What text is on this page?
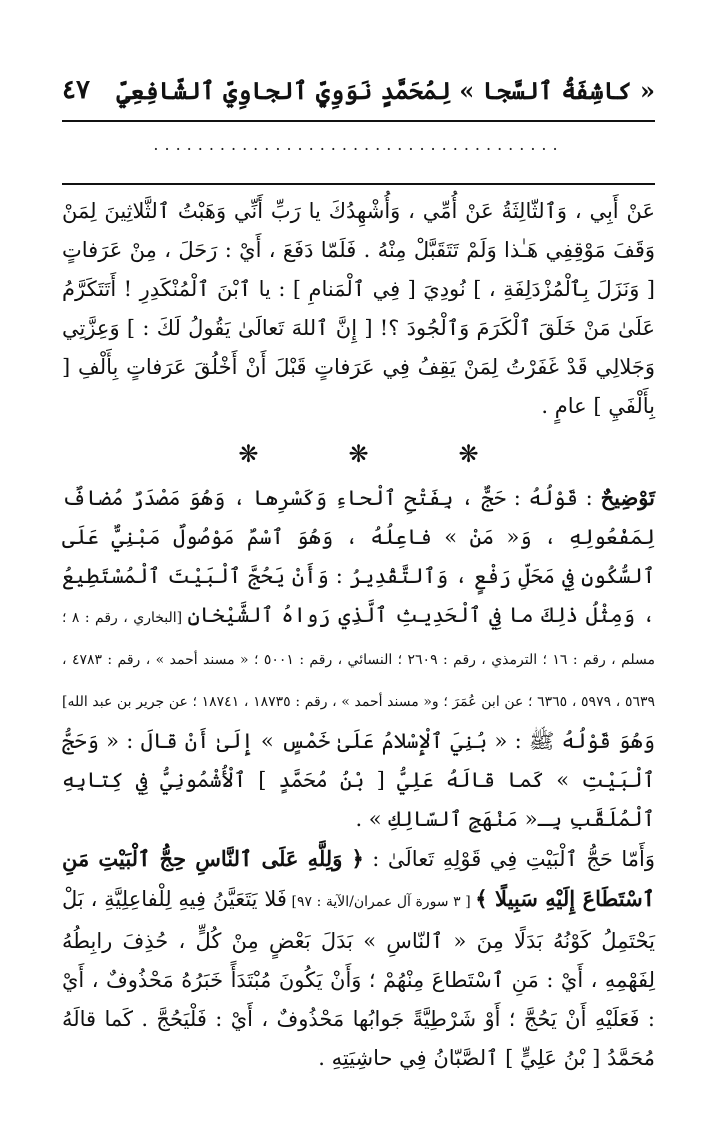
٤٧ « كاشِفَةُ ٱلسَّجا » لِمُحَمَّدٍ نَوَوِيٍّ ٱلجاوِيِّ ٱلشّافِعِيِّ
.....................................

عَنْ أَبِي ، وَٱلثّالِثَةُ عَنْ أُمِّي ، وَأُشْهِدُكَ يا رَبِّ أَنِّي وَهَبْتُ ٱلثَّلاثِينَ لِمَنْ وَقَفَ مَوْقِفِي هَـٰذا وَلَمْ تَتَقَبَّلْ مِنْهُ . فَلَمّا دَفَعَ ، أَيْ : رَحَلَ ، مِنْ عَرَفاتٍ [ وَنَزَلَ بِٱلْمُزْدَلِفَةِ ، ] نُودِيَ [ فِي ٱلْمَنامِ ] : يا ٱبْنَ ٱلْمُنْكَدِرِ ! أَتَتَكَرَّمُ عَلَىٰ مَنْ خَلَقَ ٱلْكَرَمَ وَٱلْجُودَ ؟! [ إِنَّ ٱللهَ تَعالَىٰ يَقُولُ لَكَ : ] وَعِزَّتِي وَجَلالِي قَدْ غَفَرْتُ لِمَنْ يَقِفُ فِي عَرَفاتٍ قَبْلَ أَنْ أَخْلُقَ عَرَفاتٍ بِأَلْفِ [ بِأَلْفَيِ ] عامٍ .

❋	❋	❋

تَوْضِيحٌ : قَوْلُهُ : حَجٌّ ، بِفَتْحِ ٱلْحاءِ وَكَسْرِها ، وَهُوَ مَصْدَرٌ مُضافٌ لِمَفْعُولِهِ ، وَ« مَنْ » فاعِلُهُ ، وَهُوَ ٱسْمٌ مَوْصُولٌ مَبْنِيٌّ عَلَى ٱلسُّكُونِ فِي مَحَلِّ رَفْعٍ ، وَٱلتَّقْدِيرُ : وَأَنْ يَحُجَّ ٱلْبَيْتَ ٱلْمُسْتَطِيعُ ، وَمِثْلُ ذٰلِكَ ما فِي ٱلْحَدِيثِ ٱلَّذِي رَواهُ ٱلشَّيْخانِ [البخاري ، رقم : ٨ ؛ مسلم ، رقم : ١٦ ؛ الترمذي ، رقم : ٢٦٠٩ ؛ النسائي ، رقم : ٥٠٠١ ؛ « مسند أحمد » ، رقم : ٤٧٨٣ ، ٥٦٣٩ ، ٥٩٧٩ ، ٦٣٦٥ ؛ عن ابن عُمَرَ ؛ و« مسند أحمد » ، رقم : ١٨٧٣٥ ، ١٨٧٤١ ؛ عن جرير بن عبد الله] وَهُوَ قَوْلُهُ ﷺ : « بُنِيَ ٱلْإِسْلامُ عَلَىٰ خَمْسٍ » إِلَىٰ أَنْ قالَ : « وَحَجُّ ٱلْبَيْتِ » كَما قالَهُ عَلِيُّ [ بْنُ مُحَمَّدٍ ] ٱلْأُشْمُونِيُّ فِي كِتابِهِ ٱلْمُلَقَّبِ بِـ« مَنْهَجِ ٱلسّالِكِ » .

وَأَمّا حَجُّ ٱلْبَيْتِ فِي قَوْلِهِ تَعالَىٰ : ﴿ وَلِلَّهِ عَلَى ٱلنَّاسِ حِجُّ ٱلْبَيْتِ مَنِ ٱسْتَطَاعَ إِلَيْهِ سَبِيلًا ﴾ [ ٣ سورة آل عمران/الآية : ٩٧] فَلا يَتَعَيَّنُ فِيهِ لِلْفاعِلِيَّةِ ، بَلْ يَحْتَمِلُ كَوْنُهُ بَدَلًا مِنَ « ٱلنّاسِ » بَدَلَ بَعْضٍ مِنْ كُلٍّ ، حُذِفَ رابِطُهُ لِفَهْمِهِ ، أَيْ : مَنِ ٱسْتَطاعَ مِنْهُمْ ؛ وَأَنْ يَكُونَ مُبْتَدَأً خَبَرُهُ مَحْذُوفٌ ، أَيْ : فَعَلَيْهِ أَنْ يَحُجَّ ؛ أَوْ شَرْطِيَّةً جَوابُها مَحْذُوفٌ ، أَيْ : فَلْيَحُجَّ . كَما قالَهُ مُحَمَّدُ [ بْنُ عَلِيٍّ ] ٱلصَّبّانُ فِي حاشِيَتِهِ .
